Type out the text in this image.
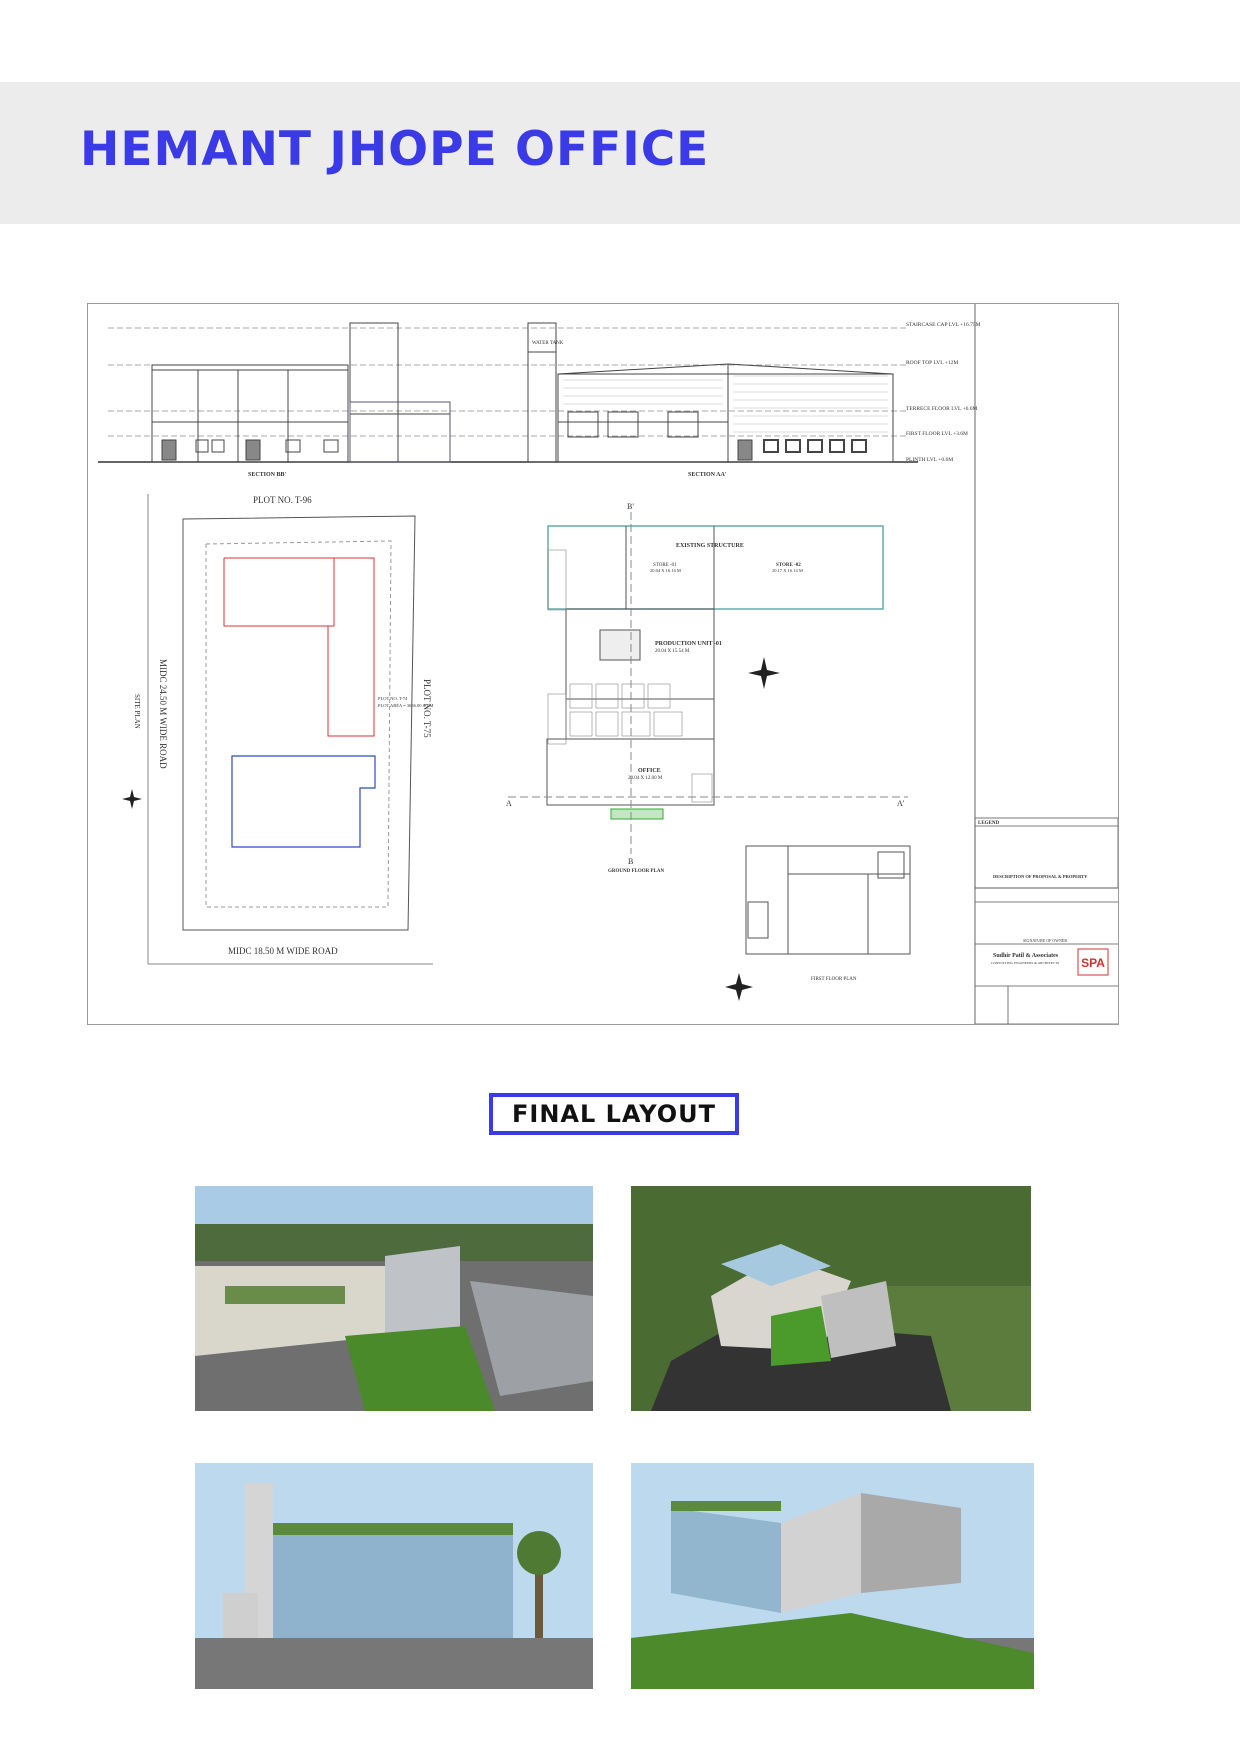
HEMANT JHOPE OFFICE
STAIRCASE CAP LVL +16.75M
ROOF TOP LVL +12M
TERRECE FLOOR LVL +6.6M
FIRST FLOOR LVL +3.6M
PLINTH LVL +0.6M
WATER TANK
SECTION BB'	SECTION AA'
PLOT NO. T-96
PLOT NO. T-75
MIDC 24.50 M WIDE ROAD
SITE PLAN
MIDC 18.50 M WIDE ROAD
PLOT NO. T-74
PLOT AREA = 3656.00 SQ.M
EXISTING STRUCTURE
STORE -01
20.04 X 16.14 M
STORE -02
20.17 X 16.14 M
PRODUCTION UNIT -01
20.04 X 15.54 M
OFFICE
20.04 X 12.00 M
GROUND FLOOR PLAN
A	A'
B
B'
FIRST FLOOR PLAN
LEGEND
DESCRIPTION OF PROPOSAL & PROPERTY
SIGNATURE OF OWNER
Sudhir Patil & Associates
CONSULTING ENGINEERS & ARCHITECTS SPA
FINAL LAYOUT
